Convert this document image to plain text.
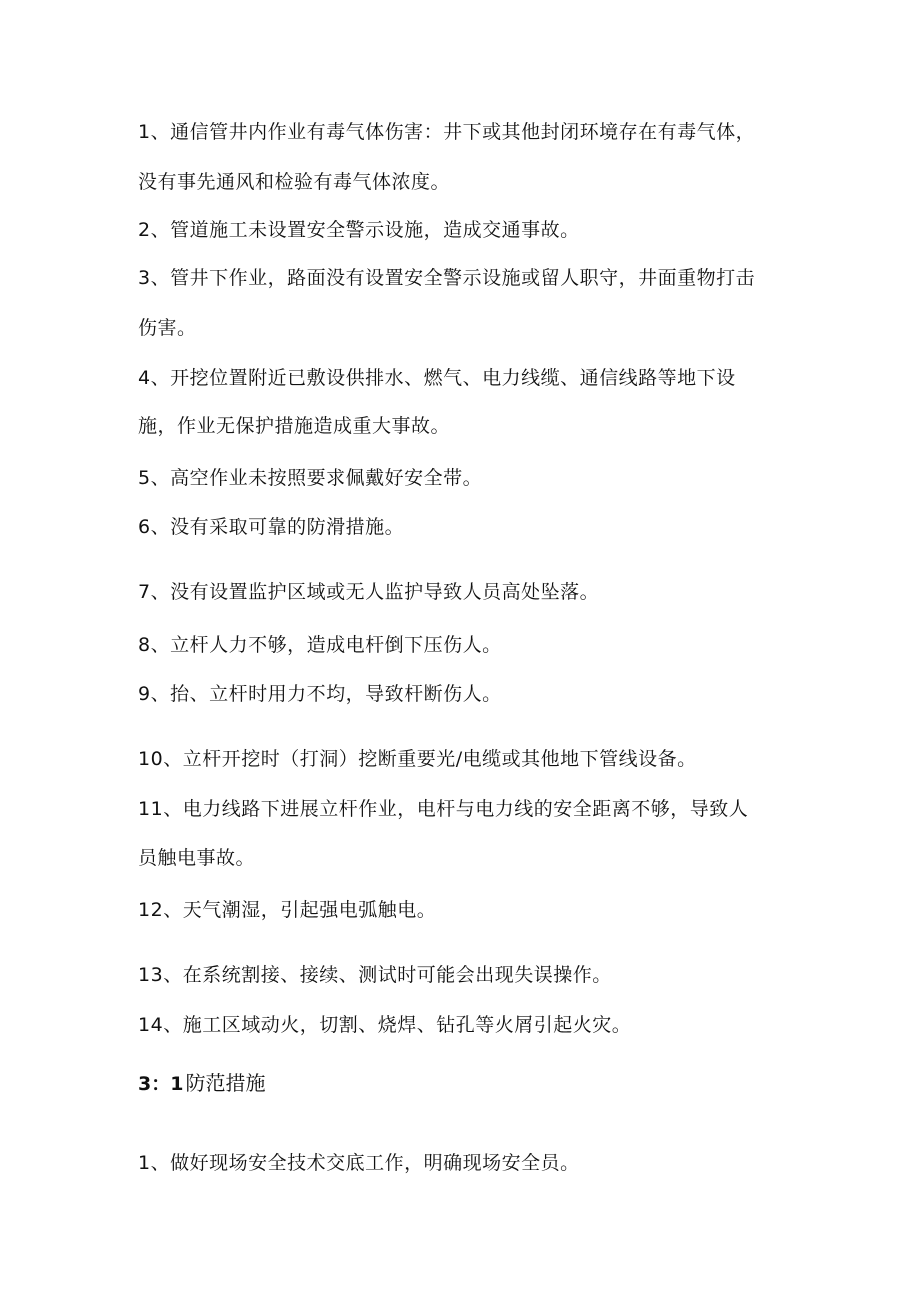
1、通信管井内作业有毒气体伤害：井下或其他封闭环境存在有毒气体，
没有事先通风和检验有毒气体浓度。
2、管道施工未设置安全警示设施，造成交通事故。
3、管井下作业，路面没有设置安全警示设施或留人职守，井面重物打击
伤害。
4、开挖位置附近已敷设供排水、燃气、电力线缆、通信线路等地下设
施，作业无保护措施造成重大事故。
5、高空作业未按照要求佩戴好安全带。
6、没有采取可靠的防滑措施。
7、没有设置监护区域或无人监护导致人员高处坠落。
8、立杆人力不够，造成电杆倒下压伤人。
9、抬、立杆时用力不均，导致杆断伤人。
10、立杆开挖时（打洞）挖断重要光/电缆或其他地下管线设备。
11、电力线路下进展立杆作业，电杆与电力线的安全距离不够，导致人
员触电事故。
12、天气潮湿，引起强电弧触电。
13、在系统割接、接续、测试时可能会出现失误操作。
14、施工区域动火，切割、烧焊、钻孔等火屑引起火灾。
3：1 防范措施
1、做好现场安全技术交底工作，明确现场安全员。
